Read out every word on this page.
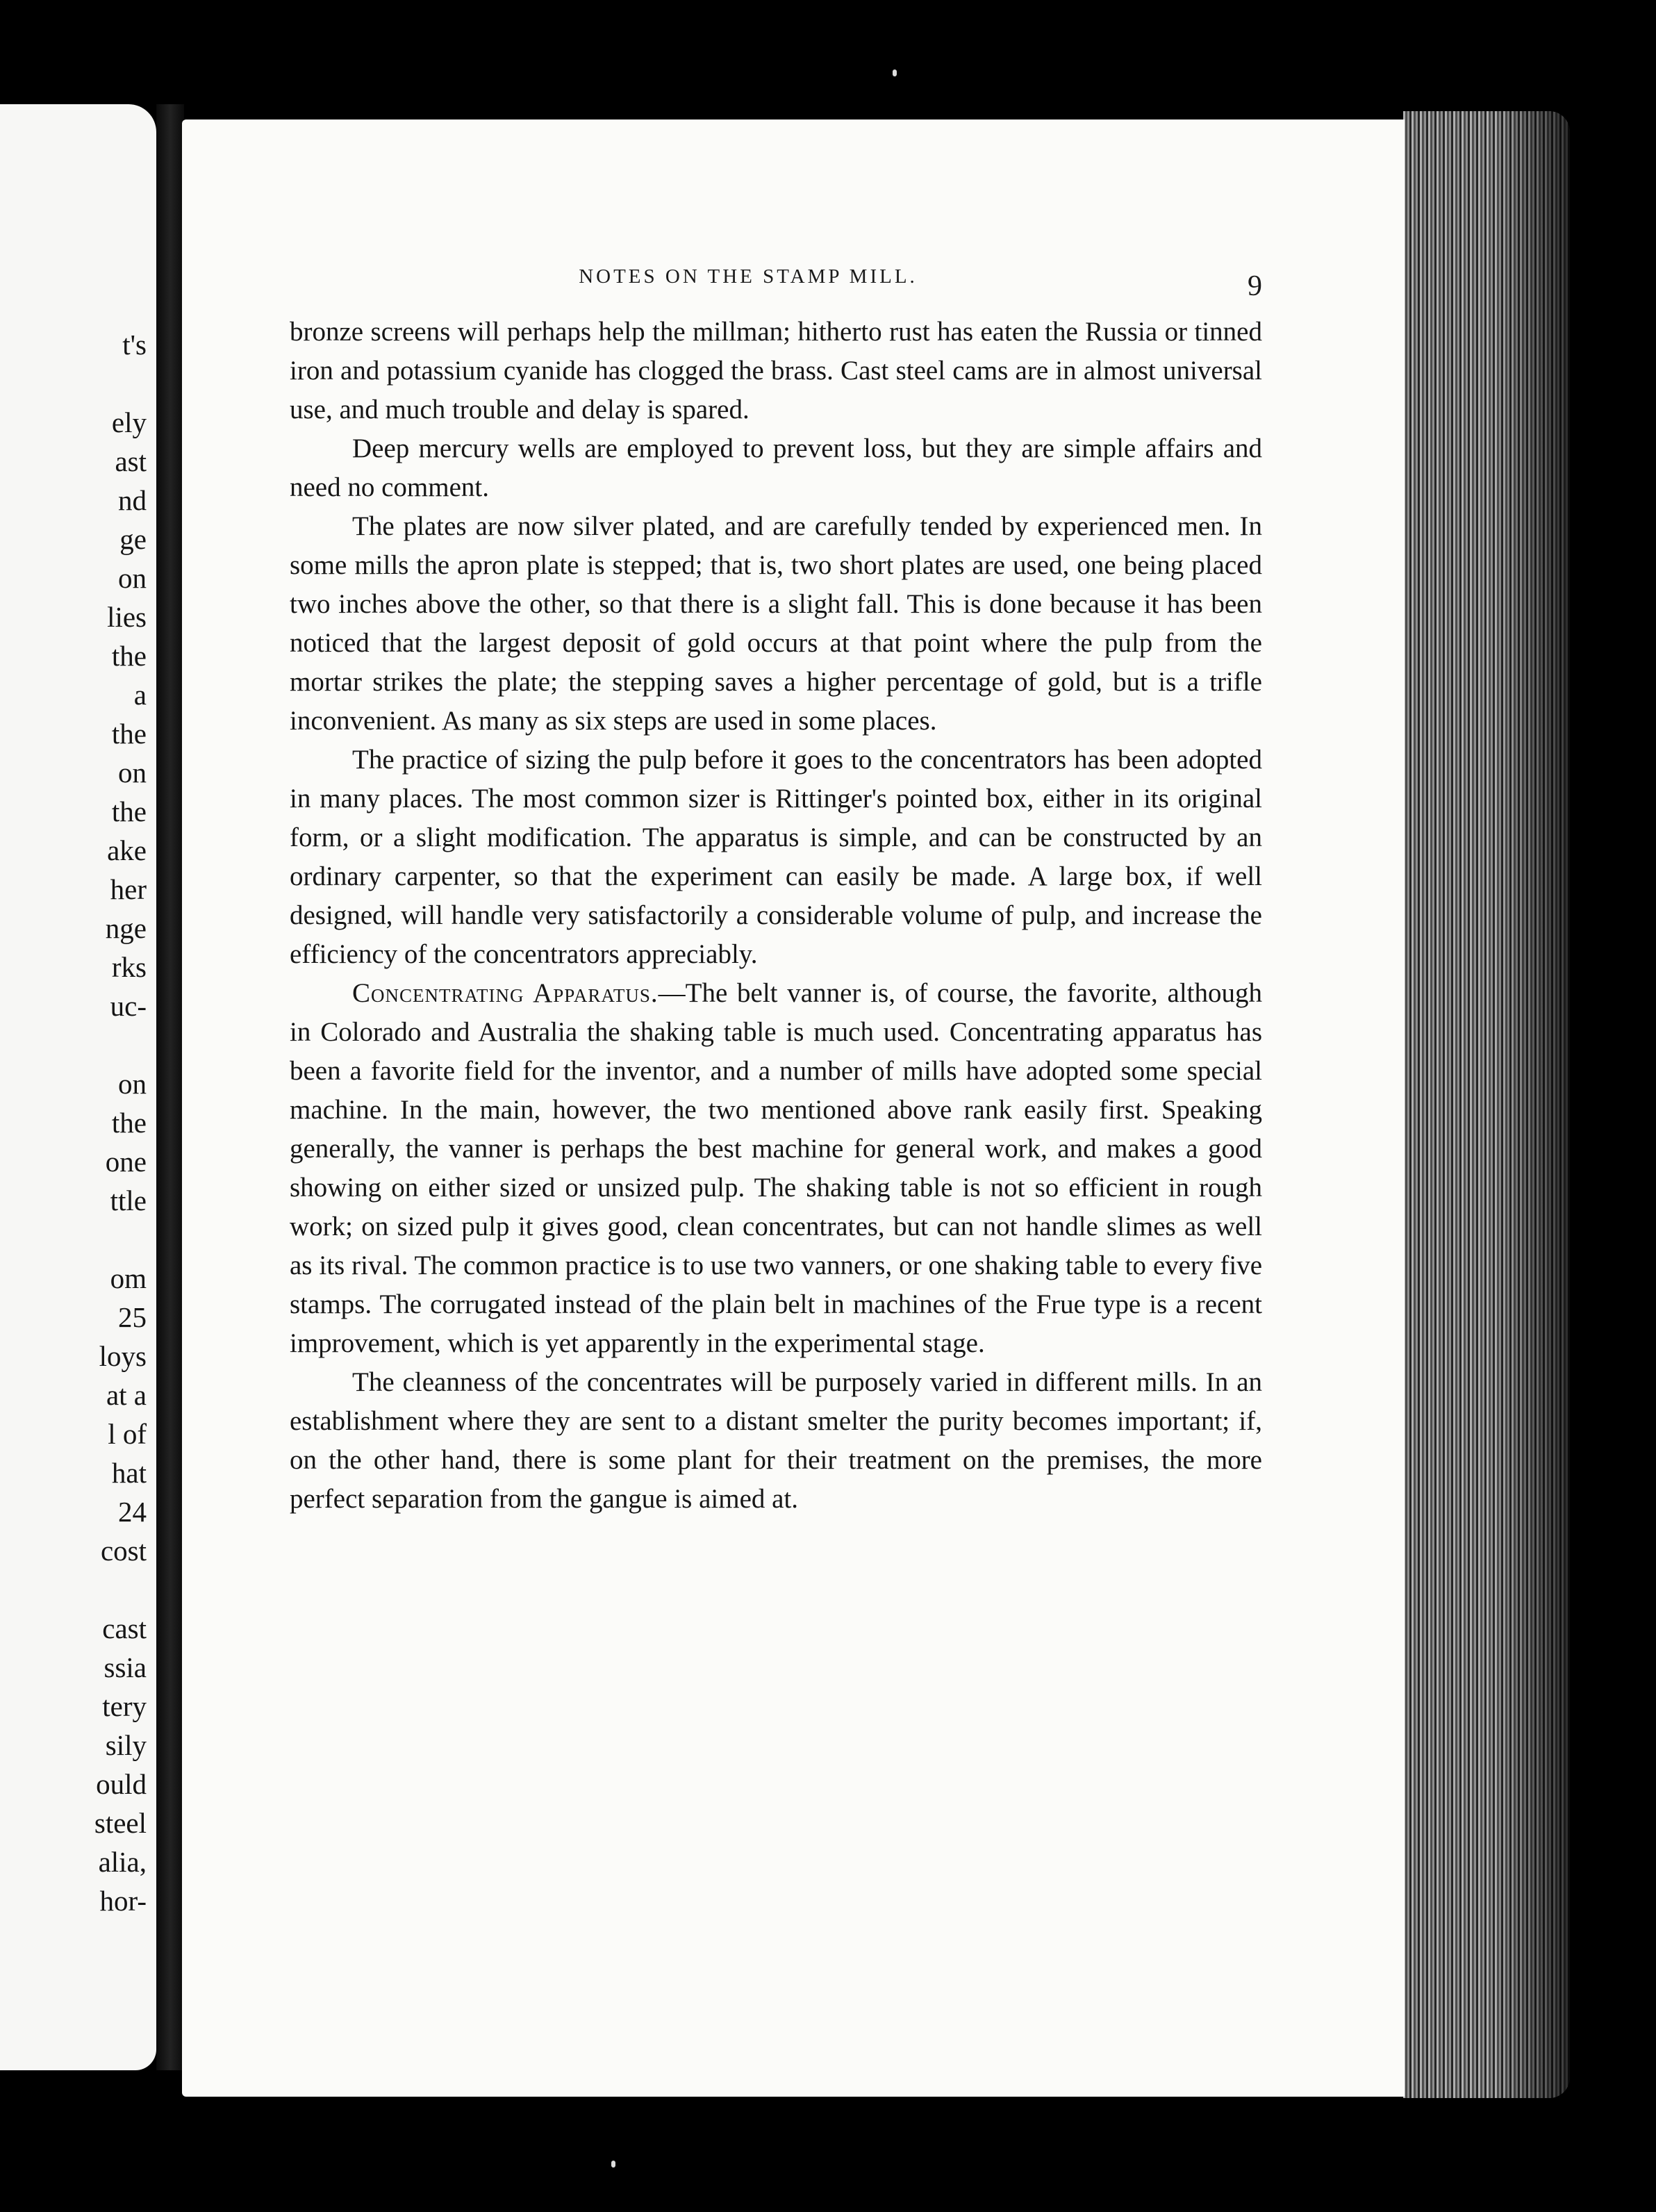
t's
ely
ast
nd
ge
on
lies
the
a
the
on
the
ake
her
nge
rks
uc-
on
the
one
ttle
om
25
loys
at a
l of
hat
24
cost
cast
ssia
tery
sily
ould
steel
alia,
hor-
NOTES ON THE STAMP MILL.	9

bronze screens will perhaps help the millman; hitherto rust has eaten the Russia or tinned iron and potassium cyanide has clogged the brass. Cast steel cams are in almost universal use, and much trouble and delay is spared.

Deep mercury wells are employed to prevent loss, but they are simple affairs and need no comment.

The plates are now silver plated, and are carefully tended by experienced men. In some mills the apron plate is stepped; that is, two short plates are used, one being placed two inches above the other, so that there is a slight fall. This is done because it has been noticed that the largest deposit of gold occurs at that point where the pulp from the mortar strikes the plate; the stepping saves a higher percentage of gold, but is a trifle inconvenient. As many as six steps are used in some places.

The practice of sizing the pulp before it goes to the concentrators has been adopted in many places. The most common sizer is Rittinger's pointed box, either in its original form, or a slight modification. The apparatus is simple, and can be constructed by an ordinary carpenter, so that the experiment can easily be made. A large box, if well designed, will handle very satisfactorily a considerable volume of pulp, and increase the efficiency of the concentrators appreciably.

Concentrating Apparatus.—The belt vanner is, of course, the favorite, although in Colorado and Australia the shaking table is much used. Concentrating apparatus has been a favorite field for the inventor, and a number of mills have adopted some special machine. In the main, however, the two mentioned above rank easily first. Speaking generally, the vanner is perhaps the best machine for general work, and makes a good showing on either sized or unsized pulp. The shaking table is not so efficient in rough work; on sized pulp it gives good, clean concentrates, but can not handle slimes as well as its rival. The common practice is to use two vanners, or one shaking table to every five stamps. The corrugated instead of the plain belt in machines of the Frue type is a recent improvement, which is yet apparently in the experimental stage.

The cleanness of the concentrates will be purposely varied in different mills. In an establishment where they are sent to a distant smelter the purity becomes important; if, on the other hand, there is some plant for their treatment on the premises, the more perfect separation from the gangue is aimed at.
